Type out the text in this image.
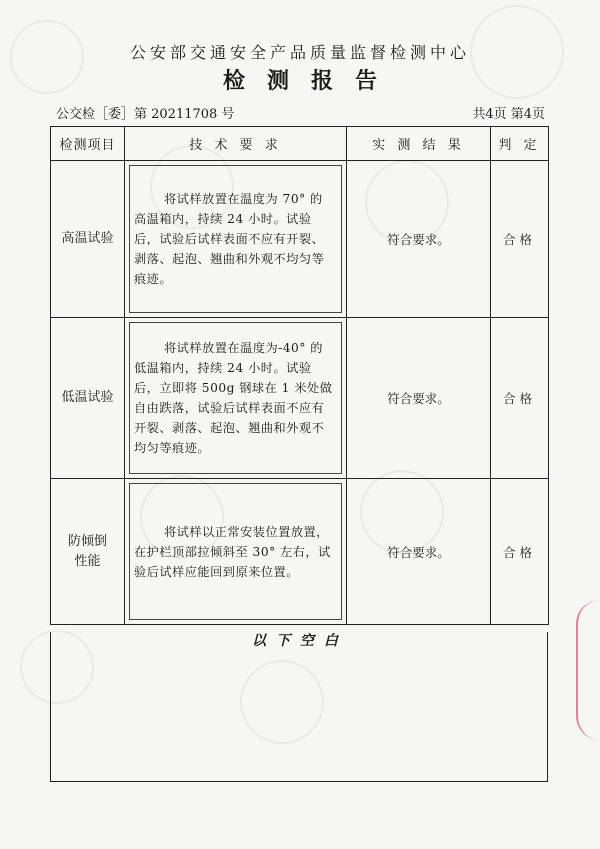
公安部交通安全产品质量监督检测中心
检测报告
公交检［委］第 20211708 号	共4页 第4页
检测项目	技 术 要 求	实 测 结 果	判 定
高温试验	将试样放置在温度为 70° 的高温箱内，持续 24 小时。试验后，试验后试样表面不应有开裂、剥落、起泡、翘曲和外观不均匀等痕迹。	符合要求。	合格
低温试验	将试样放置在温度为-40° 的低温箱内，持续 24 小时。试验后，立即将 500g 钢球在 1 米处做自由跌落，试验后试样表面不应有开裂、剥落、起泡、翘曲和外观不均匀等痕迹。	符合要求。	合格

防倾倒性能	将试样以正常安装位置放置，在护栏顶部拉倾斜至 30° 左右，试验后试样应能回到原来位置。	符合要求。	合格
以下空白
